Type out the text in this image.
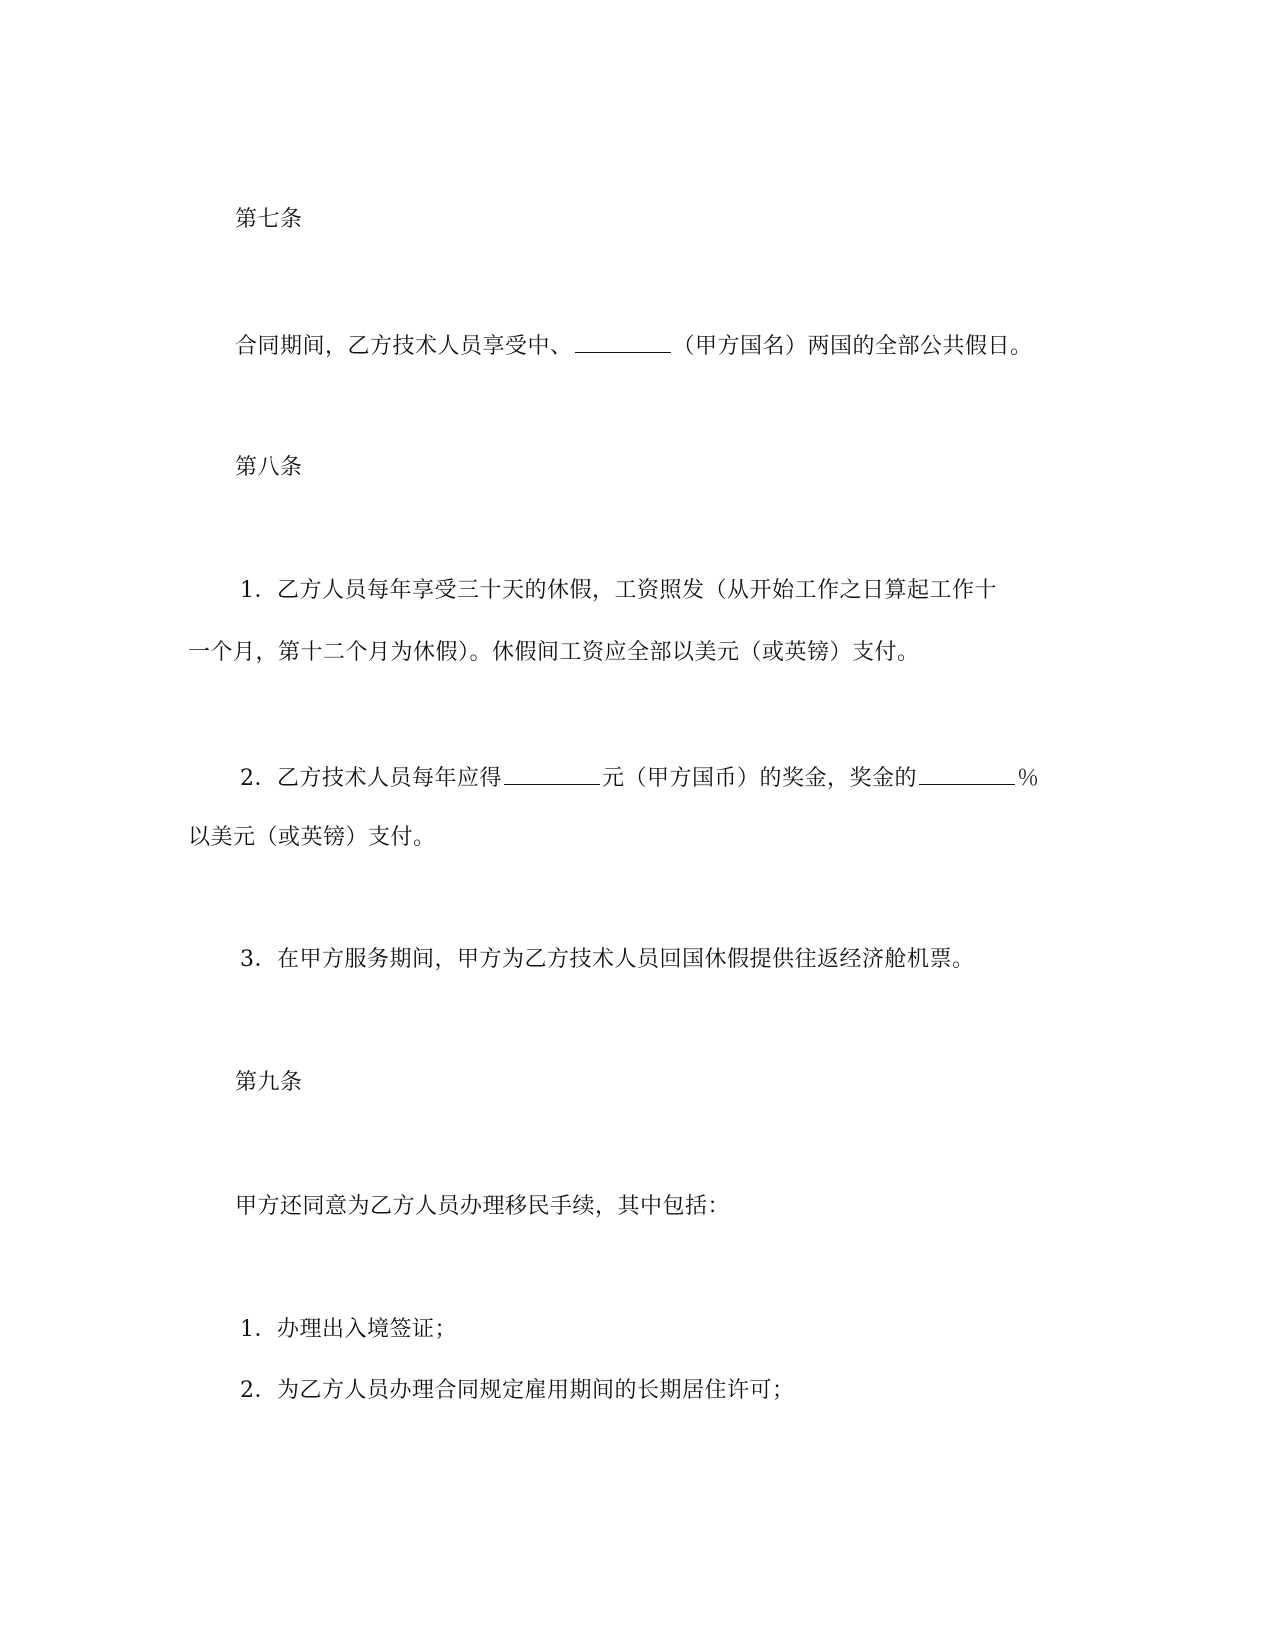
第七条
合同期间，乙方技术人员享受中、	（甲方国名）两国的全部公共假日。
第八条
1．乙方人员每年享受三十天的休假，工资照发（从开始工作之日算起工作十
一个月，第十二个月为休假）。休假间工资应全部以美元（或英镑）支付。
2．乙方技术人员每年应得	元（甲方国币）的奖金，奖金的	％
以美元（或英镑）支付。
3．在甲方服务期间，甲方为乙方技术人员回国休假提供往返经济舱机票。
第九条
甲方还同意为乙方人员办理移民手续，其中包括：
1．办理出入境签证；
2．为乙方人员办理合同规定雇用期间的长期居住许可；
